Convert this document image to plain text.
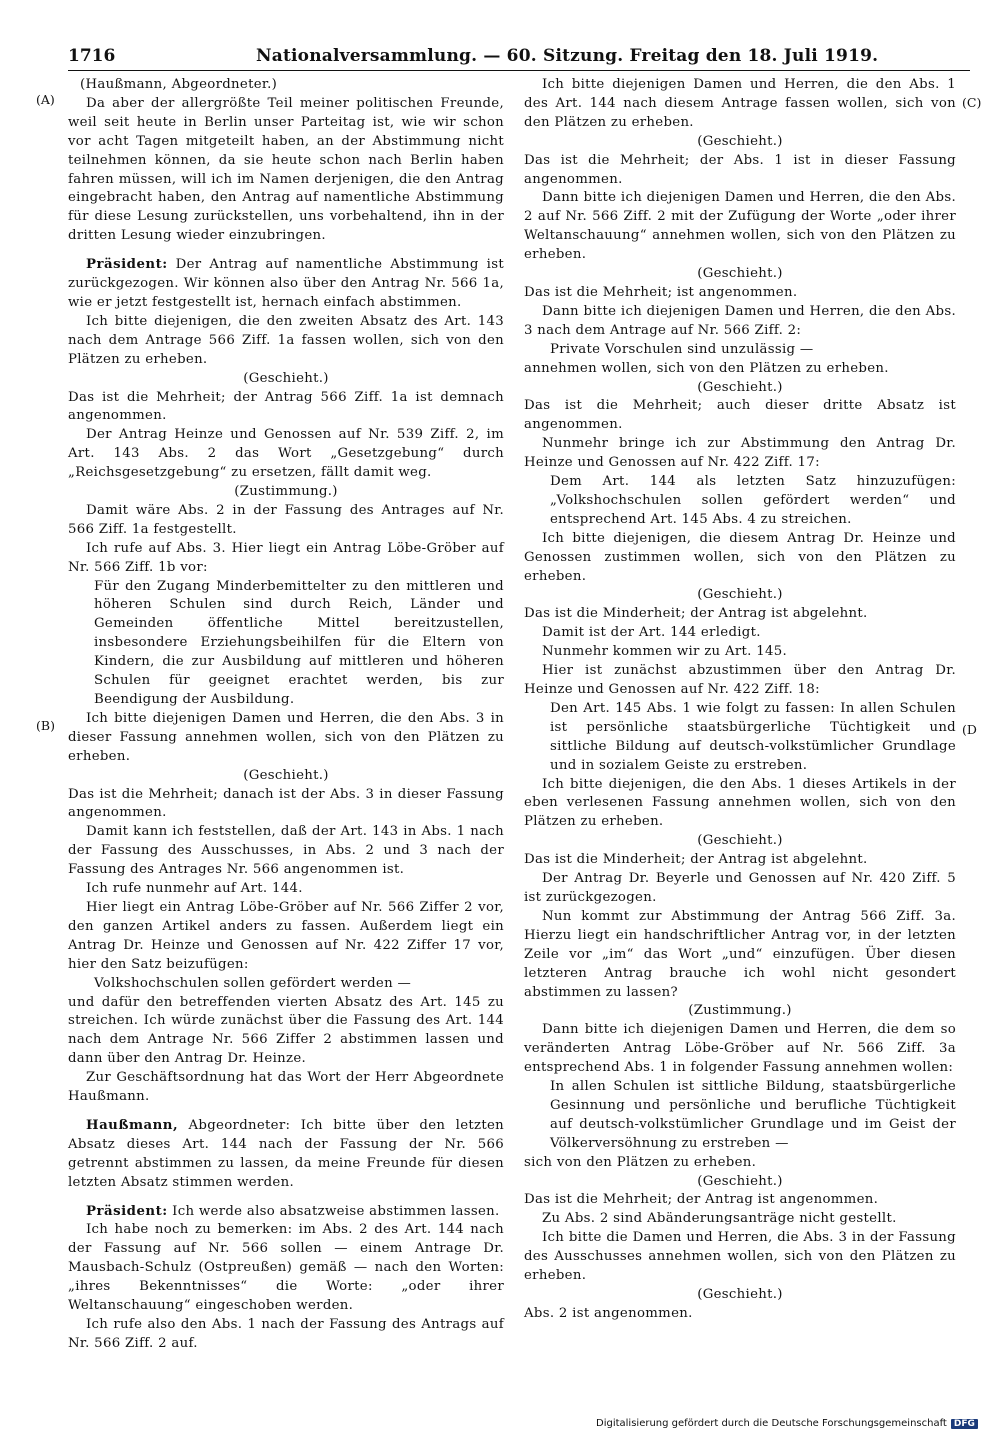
1716	Nationalversammlung. — 60. Sitzung. Freitag den 18. Juli 1919.
(A)
(B)
(C)
(D

(Haußmann, Abgeordneter.)

Da aber der allergrößte Teil meiner politischen Freunde, weil seit heute in Berlin unser Parteitag ist, wie wir schon vor acht Tagen mitgeteilt haben, an der Abstimmung nicht teilnehmen können, da sie heute schon nach Berlin haben fahren müssen, will ich im Namen derjenigen, die den Antrag eingebracht haben, den Antrag auf namentliche Abstimmung für diese Lesung zurückstellen, uns vorbehaltend, ihn in der dritten Lesung wieder einzubringen.

Präsident: Der Antrag auf namentliche Abstimmung ist zurückgezogen. Wir können also über den Antrag Nr. 566 1a, wie er jetzt festgestellt ist, hernach einfach abstimmen.

Ich bitte diejenigen, die den zweiten Absatz des Art. 143 nach dem Antrage 566 Ziff. 1a fassen wollen, sich von den Plätzen zu erheben.

(Geschieht.)

Das ist die Mehrheit; der Antrag 566 Ziff. 1a ist demnach angenommen.

Der Antrag Heinze und Genossen auf Nr. 539 Ziff. 2, im Art. 143 Abs. 2 das Wort „Gesetzgebung“ durch „Reichsgesetzgebung“ zu ersetzen, fällt damit weg.

(Zustimmung.)

Damit wäre Abs. 2 in der Fassung des Antrages auf Nr. 566 Ziff. 1a festgestellt.

Ich rufe auf Abs. 3. Hier liegt ein Antrag Löbe-Gröber auf Nr. 566 Ziff. 1b vor:

Für den Zugang Minderbemittelter zu den mittleren und höheren Schulen sind durch Reich, Länder und Gemeinden öffentliche Mittel bereitzustellen, insbesondere Erziehungsbeihilfen für die Eltern von Kindern, die zur Ausbildung auf mittleren und höheren Schulen für geeignet erachtet werden, bis zur Beendigung der Ausbildung.

Ich bitte diejenigen Damen und Herren, die den Abs. 3 in dieser Fassung annehmen wollen, sich von den Plätzen zu erheben.

(Geschieht.)

Das ist die Mehrheit; danach ist der Abs. 3 in dieser Fassung angenommen.

Damit kann ich feststellen, daß der Art. 143 in Abs. 1 nach der Fassung des Ausschusses, in Abs. 2 und 3 nach der Fassung des Antrages Nr. 566 angenommen ist.

Ich rufe nunmehr auf Art. 144.

Hier liegt ein Antrag Löbe-Gröber auf Nr. 566 Ziffer 2 vor, den ganzen Artikel anders zu fassen. Außerdem liegt ein Antrag Dr. Heinze und Genossen auf Nr. 422 Ziffer 17 vor, hier den Satz beizufügen:

Volkshochschulen sollen gefördert werden —

und dafür den betreffenden vierten Absatz des Art. 145 zu streichen. Ich würde zunächst über die Fassung des Art. 144 nach dem Antrage Nr. 566 Ziffer 2 abstimmen lassen und dann über den Antrag Dr. Heinze.

Zur Geschäftsordnung hat das Wort der Herr Abgeordnete Haußmann.

Haußmann, Abgeordneter: Ich bitte über den letzten Absatz dieses Art. 144 nach der Fassung der Nr. 566 getrennt abstimmen zu lassen, da meine Freunde für diesen letzten Absatz stimmen werden.

Präsident: Ich werde also absatzweise abstimmen lassen.

Ich habe noch zu bemerken: im Abs. 2 des Art. 144 nach der Fassung auf Nr. 566 sollen — einem Antrage Dr. Mausbach-Schulz (Ostpreußen) gemäß — nach den Worten: „ihres Bekenntnisses“ die Worte: „oder ihrer Weltanschauung“ eingeschoben werden.

Ich rufe also den Abs. 1 nach der Fassung des Antrags auf Nr. 566 Ziff. 2 auf.

Ich bitte diejenigen Damen und Herren, die den Abs. 1 des Art. 144 nach diesem Antrage fassen wollen, sich von den Plätzen zu erheben.

(Geschieht.)

Das ist die Mehrheit; der Abs. 1 ist in dieser Fassung angenommen.

Dann bitte ich diejenigen Damen und Herren, die den Abs. 2 auf Nr. 566 Ziff. 2 mit der Zufügung der Worte „oder ihrer Weltanschauung“ annehmen wollen, sich von den Plätzen zu erheben.

(Geschieht.)

Das ist die Mehrheit; ist angenommen.

Dann bitte ich diejenigen Damen und Herren, die den Abs. 3 nach dem Antrage auf Nr. 566 Ziff. 2:

Private Vorschulen sind unzulässig —

annehmen wollen, sich von den Plätzen zu erheben.

(Geschieht.)

Das ist die Mehrheit; auch dieser dritte Absatz ist angenommen.

Nunmehr bringe ich zur Abstimmung den Antrag Dr. Heinze und Genossen auf Nr. 422 Ziff. 17:

Dem Art. 144 als letzten Satz hinzuzufügen: „Volkshochschulen sollen gefördert werden“ und entsprechend Art. 145 Abs. 4 zu streichen.

Ich bitte diejenigen, die diesem Antrag Dr. Heinze und Genossen zustimmen wollen, sich von den Plätzen zu erheben.

(Geschieht.)

Das ist die Minderheit; der Antrag ist abgelehnt.

Damit ist der Art. 144 erledigt.

Nunmehr kommen wir zu Art. 145.

Hier ist zunächst abzustimmen über den Antrag Dr. Heinze und Genossen auf Nr. 422 Ziff. 18:

Den Art. 145 Abs. 1 wie folgt zu fassen: In allen Schulen ist persönliche staatsbürgerliche Tüchtigkeit und sittliche Bildung auf deutsch-volkstümlicher Grundlage und in sozialem Geiste zu erstreben.

Ich bitte diejenigen, die den Abs. 1 dieses Artikels in der eben verlesenen Fassung annehmen wollen, sich von den Plätzen zu erheben.

(Geschieht.)

Das ist die Minderheit; der Antrag ist abgelehnt.

Der Antrag Dr. Beyerle und Genossen auf Nr. 420 Ziff. 5 ist zurückgezogen.

Nun kommt zur Abstimmung der Antrag 566 Ziff. 3a. Hierzu liegt ein handschriftlicher Antrag vor, in der letzten Zeile vor „im“ das Wort „und“ einzufügen. Über diesen letzteren Antrag brauche ich wohl nicht gesondert abstimmen zu lassen?

(Zustimmung.)

Dann bitte ich diejenigen Damen und Herren, die dem so veränderten Antrag Löbe-Gröber auf Nr. 566 Ziff. 3a entsprechend Abs. 1 in folgender Fassung annehmen wollen:

In allen Schulen ist sittliche Bildung, staatsbürgerliche Gesinnung und persönliche und berufliche Tüchtigkeit auf deutsch-volkstümlicher Grundlage und im Geist der Völkerversöhnung zu erstreben —

sich von den Plätzen zu erheben.

(Geschieht.)

Das ist die Mehrheit; der Antrag ist angenommen.

Zu Abs. 2 sind Abänderungsanträge nicht gestellt.

Ich bitte die Damen und Herren, die Abs. 3 in der Fassung des Ausschusses annehmen wollen, sich von den Plätzen zu erheben.

(Geschieht.)

Abs. 2 ist angenommen.

Digitalisierung gefördert durch die Deutsche Forschungsgemeinschaft DFG
